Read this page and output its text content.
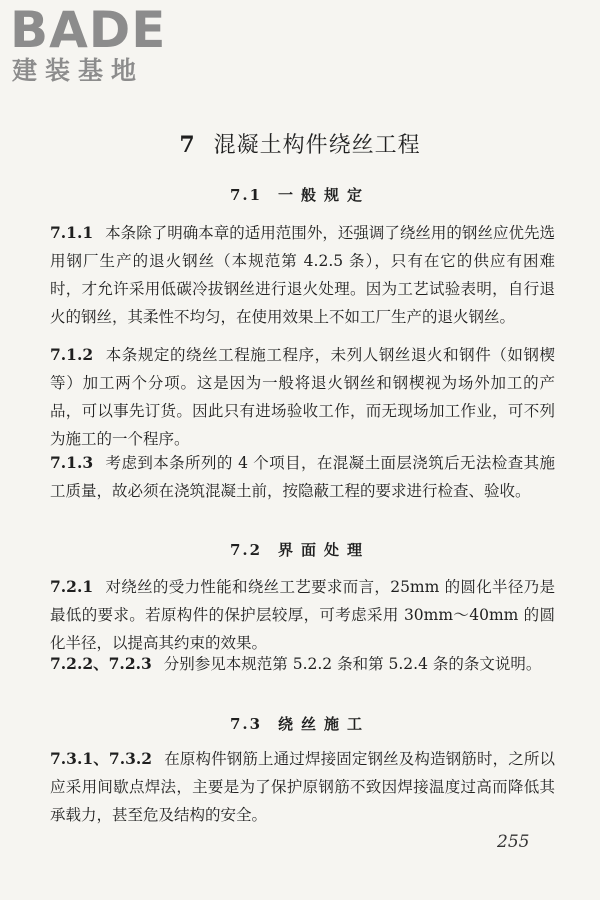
BADE
建装基地
7 混凝土构件绕丝工程
7.1 一般规定
7.1.1 本条除了明确本章的适用范围外，还强调了绕丝用的钢丝应优先选用钢厂生产的退火钢丝（本规范第 4.2.5 条），只有在它的供应有困难时，才允许采用低碳冷拔钢丝进行退火处理。因为工艺试验表明，自行退火的钢丝，其柔性不均匀，在使用效果上不如工厂生产的退火钢丝。
7.1.2 本条规定的绕丝工程施工程序，未列人钢丝退火和钢件（如钢楔等）加工两个分项。这是因为一般将退火钢丝和钢楔视为场外加工的产品，可以事先订货。因此只有进场验收工作，而无现场加工作业，可不列为施工的一个程序。
7.1.3 考虑到本条所列的 4 个项目，在混凝土面层浇筑后无法检查其施工质量，故必须在浇筑混凝土前，按隐蔽工程的要求进行检查、验收。
7.2 界面处理
7.2.1 对绕丝的受力性能和绕丝工艺要求而言，25mm 的圆化半径乃是最低的要求。若原构件的保护层较厚，可考虑采用 30mm～40mm 的圆化半径，以提高其约束的效果。
7.2.2、7.2.3 分别参见本规范第 5.2.2 条和第 5.2.4 条的条文说明。
7.3 绕丝施工
7.3.1、7.3.2 在原构件钢筋上通过焊接固定钢丝及构造钢筋时，之所以应采用间歇点焊法，主要是为了保护原钢筋不致因焊接温度过高而降低其承载力，甚至危及结构的安全。
255
